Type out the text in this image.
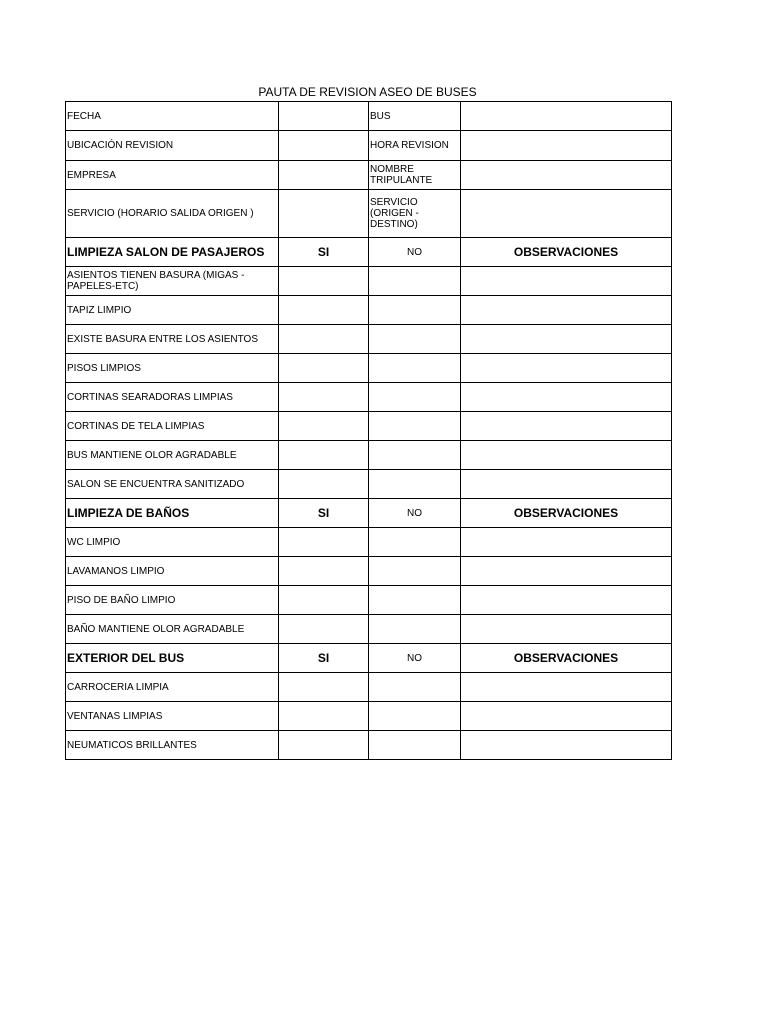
PAUTA DE REVISION ASEO DE BUSES
FECHA		BUS	
UBICACIÓN REVISION		HORA REVISION	
EMPRESA		NOMBRE TRIPULANTE	
SERVICIO (HORARIO SALIDA ORIGEN )		SERVICIO (ORIGEN -DESTINO)	
LIMPIEZA SALON DE PASAJEROS	SI	NO	OBSERVACIONES
ASIENTOS TIENEN BASURA (MIGAS - PAPELES-ETC)			
TAPIZ LIMPIO			
EXISTE BASURA ENTRE LOS ASIENTOS			
PISOS LIMPIOS			
CORTINAS SEARADORAS LIMPIAS			
CORTINAS DE TELA LIMPIAS			
BUS MANTIENE OLOR AGRADABLE			
SALON SE ENCUENTRA SANITIZADO			
LIMPIEZA DE BAÑOS	SI	NO	OBSERVACIONES
WC LIMPIO			
LAVAMANOS LIMPIO			
PISO DE BAÑO LIMPIO			
BAÑO MANTIENE OLOR AGRADABLE			
EXTERIOR DEL BUS	SI	NO	OBSERVACIONES
CARROCERIA LIMPIA			
VENTANAS LIMPIAS			
NEUMATICOS BRILLANTES			
